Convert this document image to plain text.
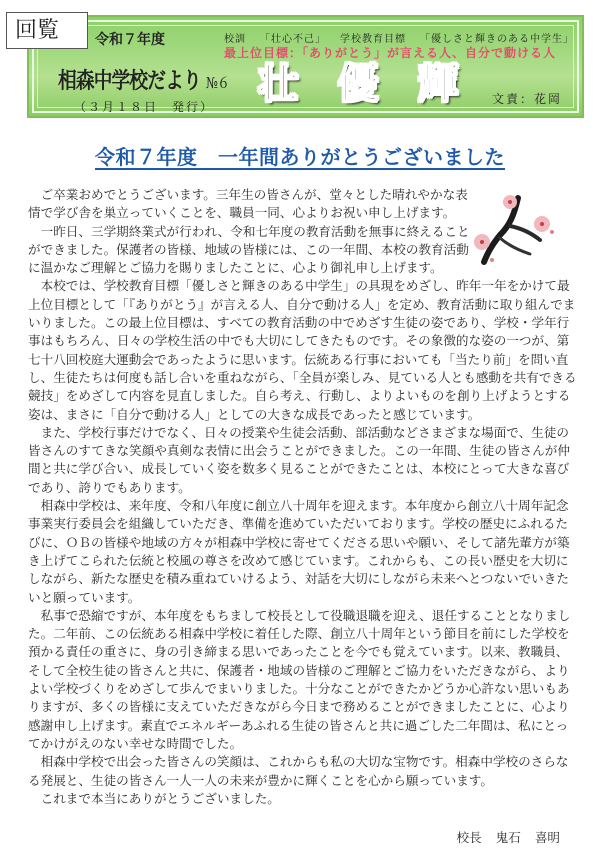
回覧	令和７年度
相森中学校だより №６
（３月１８日　発行）
校訓 「壮心不己」 学校教育目標 「優しさと輝きのある中学生」
最上位目標：「ありがとう」が言える人、自分で動ける人
壮 優 輝	文責：花岡
令和７年度　一年間ありがとうございました

ご卒業おめでとうございます。三年生の皆さんが、堂々とした晴れやかな表情で学び舎を巣立っていくことを、職員一同、心よりお祝い申し上げます。

一昨日、三学期終業式が行われ、令和七年度の教育活動を無事に終えることができました。保護者の皆様、地域の皆様には、この一年間、本校の教育活動に温かなご理解とご協力を賜りましたことに、心より御礼申し上げます。

本校では、学校教育目標「優しさと輝きのある中学生」の具現をめざし、昨年一年をかけて最上位目標として「『ありがとう』が言える人、自分で動ける人」を定め、教育活動に取り組んでまいりました。この最上位目標は、すべての教育活動の中でめざす生徒の姿であり、学校・学年行事はもちろん、日々の学校生活の中でも大切にしてきたものです。その象徴的な姿の一つが、第七十八回校庭大運動会であったように思います。伝統ある行事においても「当たり前」を問い直し、生徒たちは何度も話し合いを重ねながら、「全員が楽しみ、見ている人とも感動を共有できる競技」をめざして内容を見直しました。自ら考え、行動し、よりよいものを創り上げようとする姿は、まさに「自分で動ける人」としての大きな成長であったと感じています。

また、学校行事だけでなく、日々の授業や生徒会活動、部活動などさまざまな場面で、生徒の皆さんのすてきな笑顔や真剣な表情に出会うことができました。この一年間、生徒の皆さんが仲間と共に学び合い、成長していく姿を数多く見ることができたことは、本校にとって大きな喜びであり、誇りでもあります。

相森中学校は、来年度、令和八年度に創立八十周年を迎えます。本年度から創立八十周年記念事業実行委員会を組織していただき、準備を進めていただいております。学校の歴史にふれるたびに、ＯＢの皆様や地域の方々が相森中学校に寄せてくださる思いや願い、そして諸先輩方が築き上げてこられた伝統と校風の尊さを改めて感じています。これからも、この長い歴史を大切にしながら、新たな歴史を積み重ねていけるよう、対話を大切にしながら未来へとつないでいきたいと願っています。

私事で恐縮ですが、本年度をもちまして校長として役職退職を迎え、退任することとなりました。二年前、この伝統ある相森中学校に着任した際、創立八十周年という節目を前にした学校を預かる責任の重さに、身の引き締まる思いであったことを今でも覚えています。以来、教職員、そして全校生徒の皆さんと共に、保護者・地域の皆様のご理解とご協力をいただきながら、よりよい学校づくりをめざして歩んでまいりました。十分なことができたかどうか心許ない思いもありますが、多くの皆様に支えていただきながら今日まで務めることができましたことに、心より感謝申し上げます。素直でエネルギーあふれる生徒の皆さんと共に過ごした二年間は、私にとってかけがえのない幸せな時間でした。

相森中学校で出会った皆さんの笑顔は、これからも私の大切な宝物です。相森中学校のさらなる発展と、生徒の皆さん一人一人の未来が豊かに輝くことを心から願っています。

これまで本当にありがとうございました。

校長 鬼石 喜明
